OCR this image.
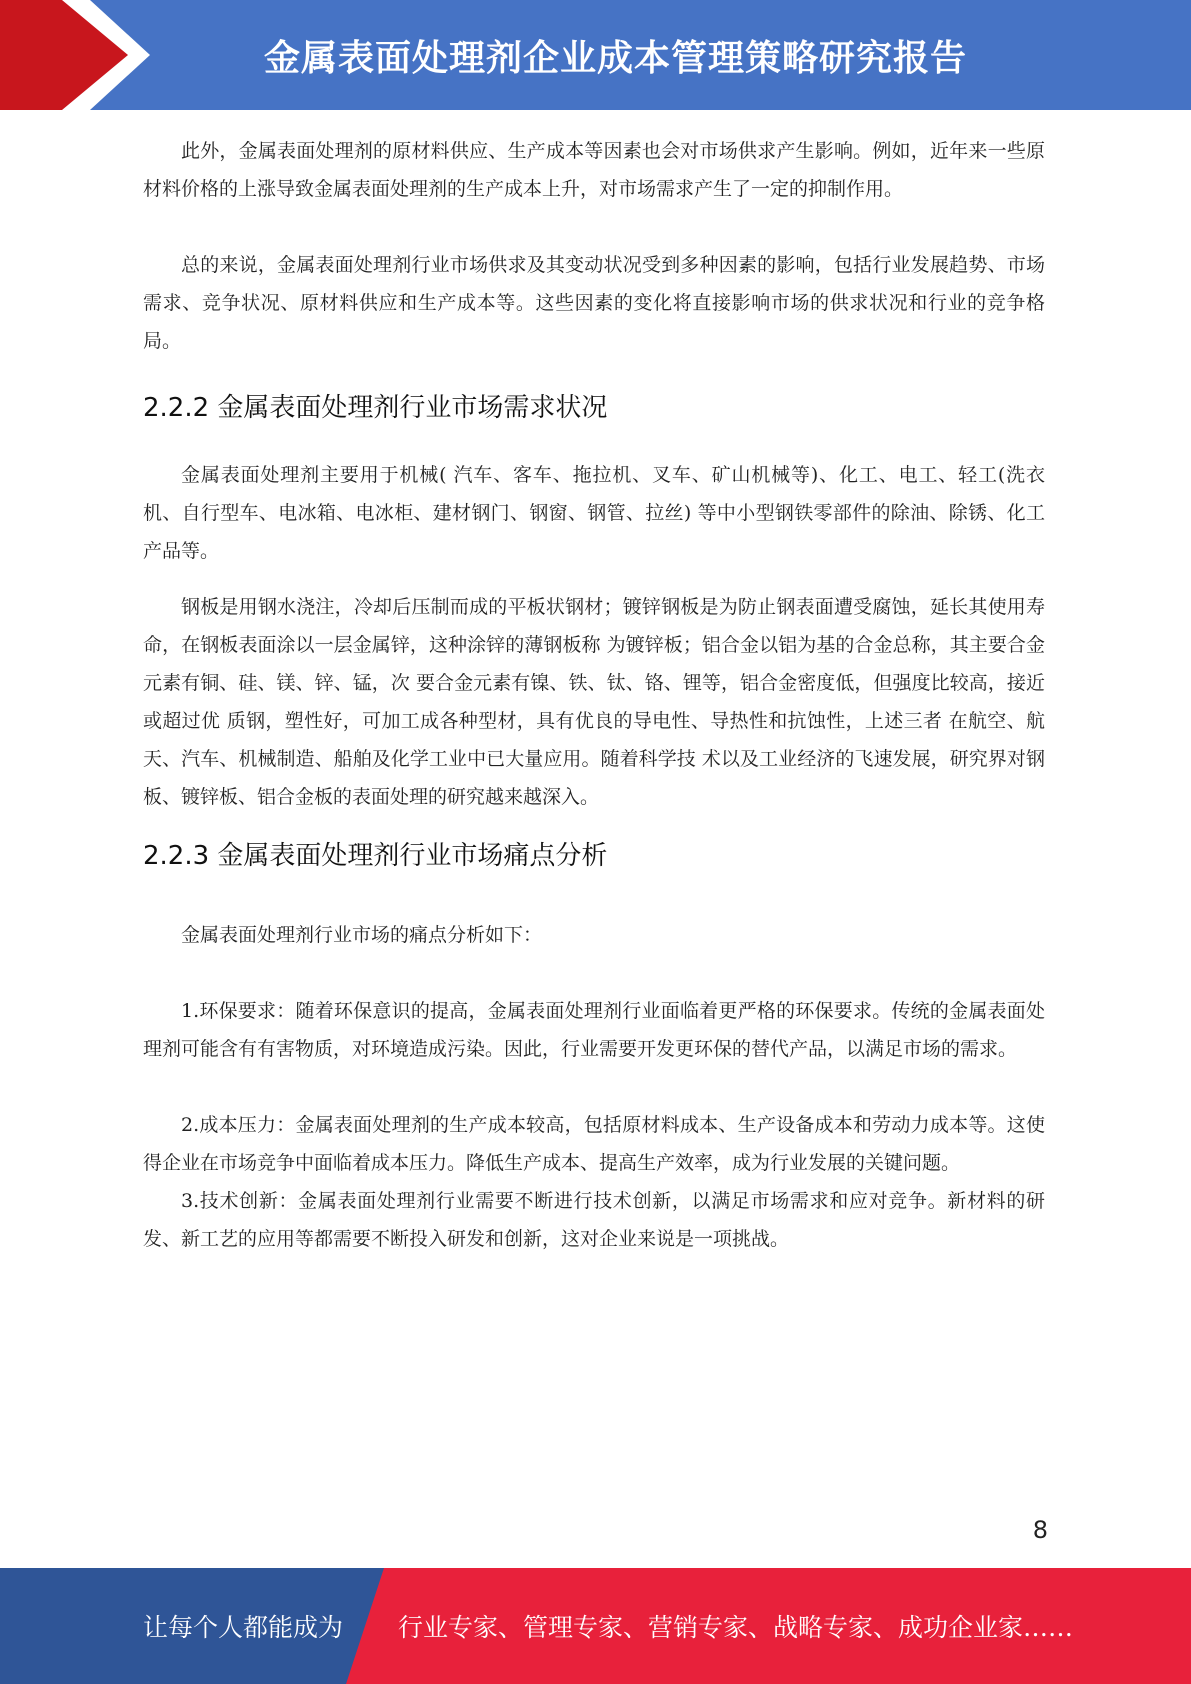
金属表面处理剂企业成本管理策略研究报告

此外，金属表面处理剂的原材料供应、生产成本等因素也会对市场供求产生影响。例如，近年来一些原材料价格的上涨导致金属表面处理剂的生产成本上升，对市场需求产生了一定的抑制作用。

总的来说，金属表面处理剂行业市场供求及其变动状况受到多种因素的影响，包括行业发展趋势、市场需求、竞争状况、原材料供应和生产成本等。这些因素的变化将直接影响市场的供求状况和行业的竞争格局。

2.2.2 金属表面处理剂行业市场需求状况

金属表面处理剂主要用于机械( 汽车、客车、拖拉机、叉车、矿山机械等)、化工、电工、轻工(洗衣机、自行型车、电冰箱、电冰柜、建材钢门、钢窗、钢管、拉丝) 等中小型钢铁零部件的除油、除锈、化工产品等。

钢板是用钢水浇注，冷却后压制而成的平板状钢材；镀锌钢板是为防止钢表面遭受腐蚀，延长其使用寿命，在钢板表面涂以一层金属锌，这种涂锌的薄钢板称 为镀锌板；铝合金以铝为基的合金总称，其主要合金元素有铜、硅、镁、锌、锰，次 要合金元素有镍、铁、钛、铬、锂等，铝合金密度低，但强度比较高，接近或超过优 质钢，塑性好，可加工成各种型材，具有优良的导电性、导热性和抗蚀性，上述三者 在航空、航天、汽车、机械制造、船舶及化学工业中已大量应用。随着科学技 术以及工业经济的飞速发展，研究界对钢板、镀锌板、铝合金板的表面处理的研究越来越深入。

2.2.3 金属表面处理剂行业市场痛点分析

金属表面处理剂行业市场的痛点分析如下：

1.环保要求：随着环保意识的提高，金属表面处理剂行业面临着更严格的环保要求。传统的金属表面处理剂可能含有有害物质，对环境造成污染。因此，行业需要开发更环保的替代产品，以满足市场的需求。

2.成本压力：金属表面处理剂的生产成本较高，包括原材料成本、生产设备成本和劳动力成本等。这使得企业在市场竞争中面临着成本压力。降低生产成本、提高生产效率，成为行业发展的关键问题。

3.技术创新：金属表面处理剂行业需要不断进行技术创新，以满足市场需求和应对竞争。新材料的研发、新工艺的应用等都需要不断投入研发和创新，这对企业来说是一项挑战。

8
让每个人都能成为 行业专家、管理专家、营销专家、战略专家、成功企业家……
